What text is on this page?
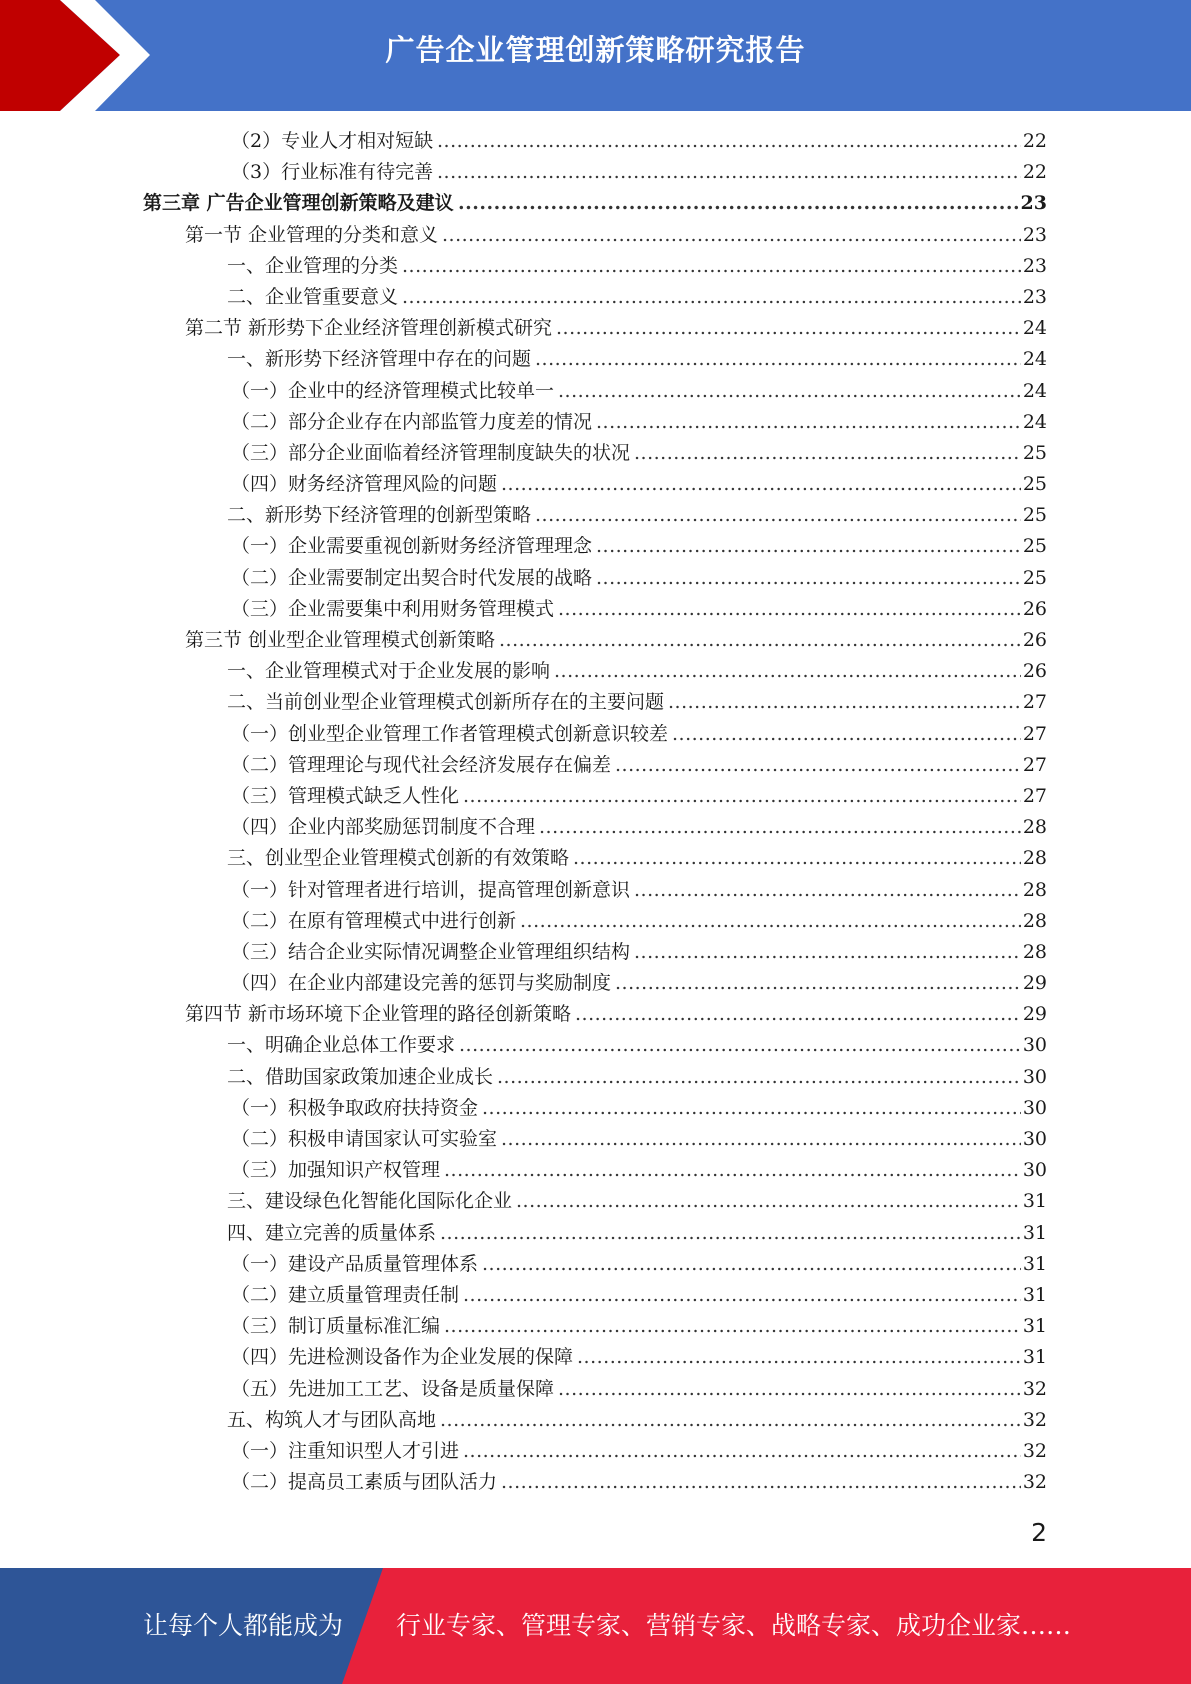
广告企业管理创新策略研究报告
.....
（2）专业人才相对短缺	22
.....
（3）行业标准有待完善	22
.....
第三章 广告企业管理创新策略及建议	23
.....
第一节 企业管理的分类和意义	23
.....
一、企业管理的分类	23
.....
二、企业管重要意义	23
.....
第二节 新形势下企业经济管理创新模式研究	24
.....
一、新形势下经济管理中存在的问题	24
.....
（一）企业中的经济管理模式比较单一	24
.....
（二）部分企业存在内部监管力度差的情况	24
.....
（三）部分企业面临着经济管理制度缺失的状况	25
.....
（四）财务经济管理风险的问题	25
.....
二、新形势下经济管理的创新型策略	25
.....
（一）企业需要重视创新财务经济管理理念	25
.....
（二）企业需要制定出契合时代发展的战略	25
.....
（三）企业需要集中利用财务管理模式	26
.....
第三节 创业型企业管理模式创新策略	26
.....
一、企业管理模式对于企业发展的影响	26
.....
二、当前创业型企业管理模式创新所存在的主要问题	27
.....
（一）创业型企业管理工作者管理模式创新意识较差	27
.....
（二）管理理论与现代社会经济发展存在偏差	27
.....
（三）管理模式缺乏人性化	27
.....
（四）企业内部奖励惩罚制度不合理	28
.....
三、创业型企业管理模式创新的有效策略	28
.....
（一）针对管理者进行培训，提高管理创新意识	28
.....
（二）在原有管理模式中进行创新	28
.....
（三）结合企业实际情况调整企业管理组织结构	28
.....
（四）在企业内部建设完善的惩罚与奖励制度	29
.....
第四节 新市场环境下企业管理的路径创新策略	29
.....
一、明确企业总体工作要求	30
.....
二、借助国家政策加速企业成长	30
.....
（一）积极争取政府扶持资金	30
.....
（二）积极申请国家认可实验室	30
.....
（三）加强知识产权管理	30
.....
三、建设绿色化智能化国际化企业	31
.....
四、建立完善的质量体系	31
.....
（一）建设产品质量管理体系	31
.....
（二）建立质量管理责任制	31
.....
（三）制订质量标准汇编	31
.....
（四）先进检测设备作为企业发展的保障	31
.....
（五）先进加工工艺、设备是质量保障	32
.....
五、构筑人才与团队高地	32
.....
（一）注重知识型人才引进	32
.....
（二）提高员工素质与团队活力	32
2
让每个人都能成为 行业专家、管理专家、营销专家、战略专家、成功企业家……
